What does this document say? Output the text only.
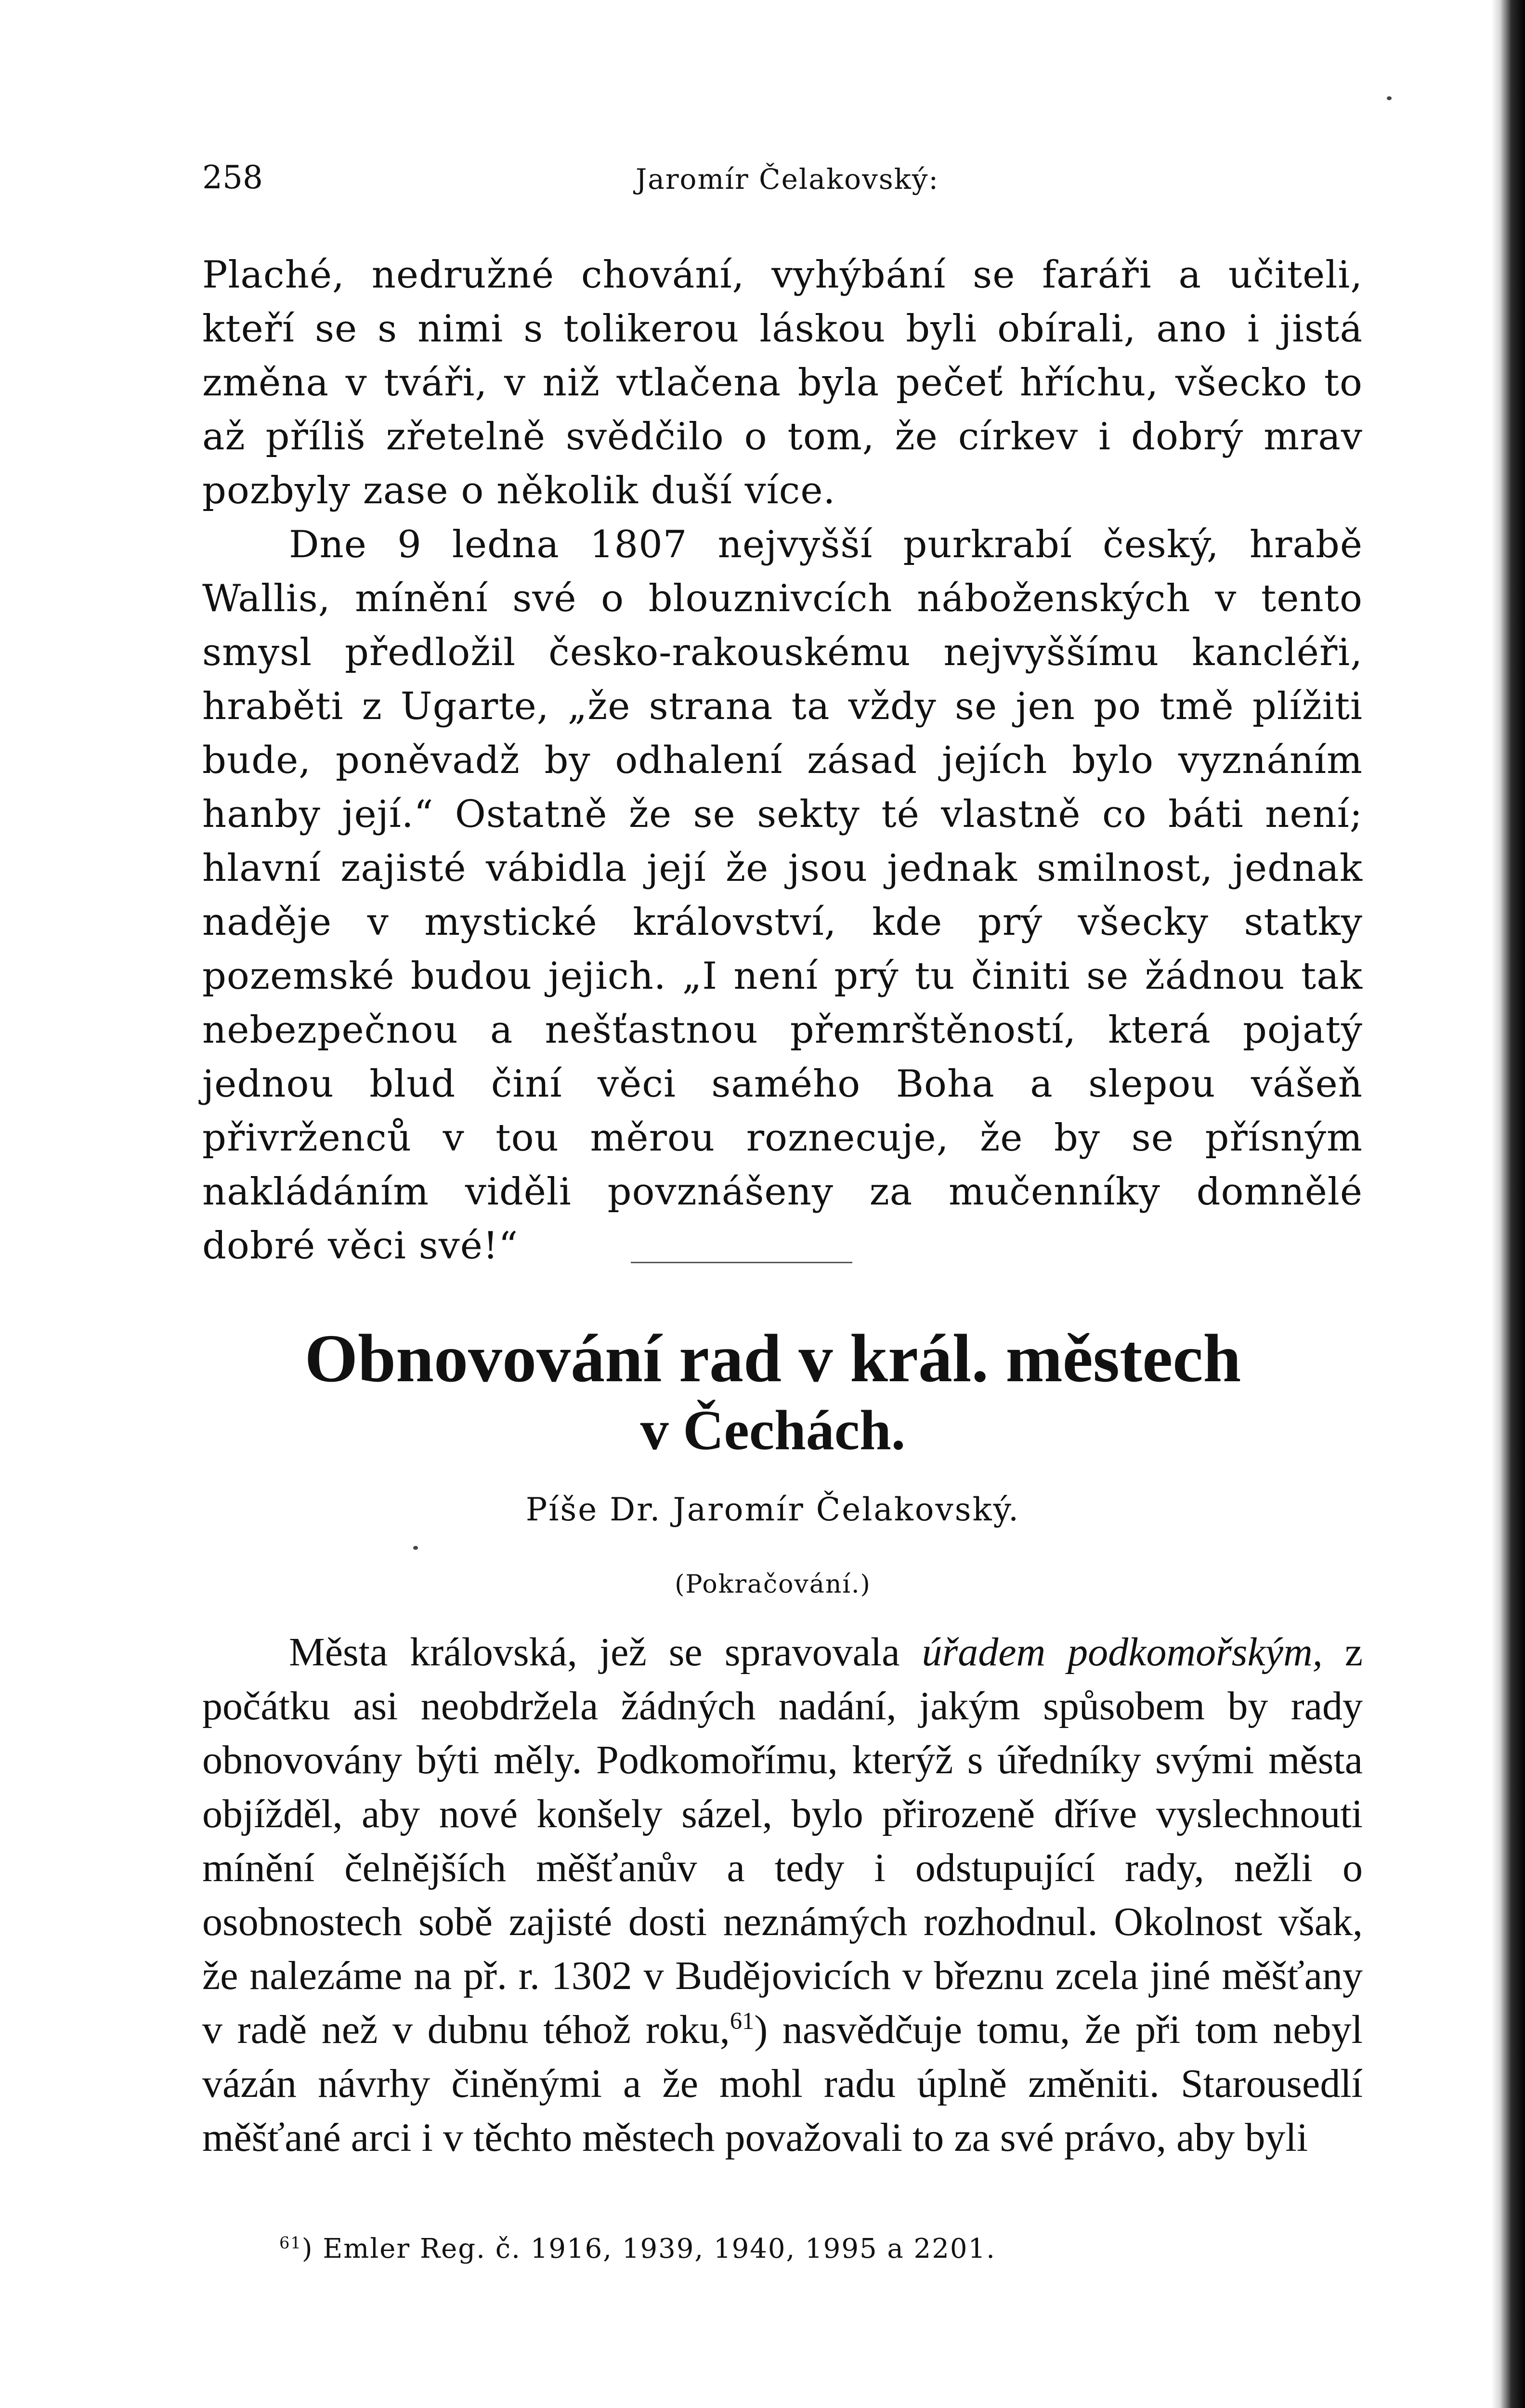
258	Jaromír Čelakovský:

Plaché, nedružné chování, vyhýbání se faráři a učiteli, kteří se s nimi s tolikerou láskou byli obírali, ano i jistá změna v tváři, v niž vtlačena byla pečeť hříchu, všecko to až příliš zřetelně svědčilo o tom, že církev i dobrý mrav pozbyly zase o několik duší více.

Dne 9 ledna 1807 nejvyšší purkrabí český, hrabě Wallis, mínění své o blouznivcích náboženských v tento smysl předložil česko-rakouskému nejvyššímu kancléři, hraběti z Ugarte, „že strana ta vždy se jen po tmě plížiti bude, poněvadž by odhalení zásad jejích bylo vyznáním hanby její.“ Ostatně že se sekty té vlastně co báti není; hlavní zajisté vábidla její že jsou jednak smilnost, jednak naděje v mystické království, kde prý všecky statky pozemské budou jejich. „I není prý tu činiti se žádnou tak nebezpečnou a nešťastnou přemrštěností, která pojatý jednou blud činí věci samého Boha a slepou vášeň přivrženců v tou měrou roznecuje, že by se přísným nakládáním viděli povznášeny za mučenníky domnělé dobré věci své!“

Obnovování rad v král. městech
v Čechách.
Píše Dr. Jaromír Čelakovský.
(Pokračování.)

Města královská, jež se spravovala úřadem podkomořským, z počátku asi neobdržela žádných nadání, jakým spůsobem by rady obnovovány býti měly. Podkomořímu, kterýž s úředníky svými města objížděl, aby nové konšely sázel, bylo přirozeně dříve vyslechnouti mínění čelnějších měšťanův a tedy i odstupující rady, nežli o osobnostech sobě zajisté dosti neznámých rozhodnul. Okolnost však, že nalezáme na př. r. 1302 v Budějovicích v březnu zcela jiné měšťany v radě než v dubnu téhož roku,$^{61}$) nasvědčuje tomu, že při tom nebyl vázán návrhy činěnými a že mohl radu úplně změniti. Starousedlí měšťané arci i v těchto městech považovali to za své právo, aby byli

$^{61}$) Emler Reg. č. 1916, 1939, 1940, 1995 a 2201.
